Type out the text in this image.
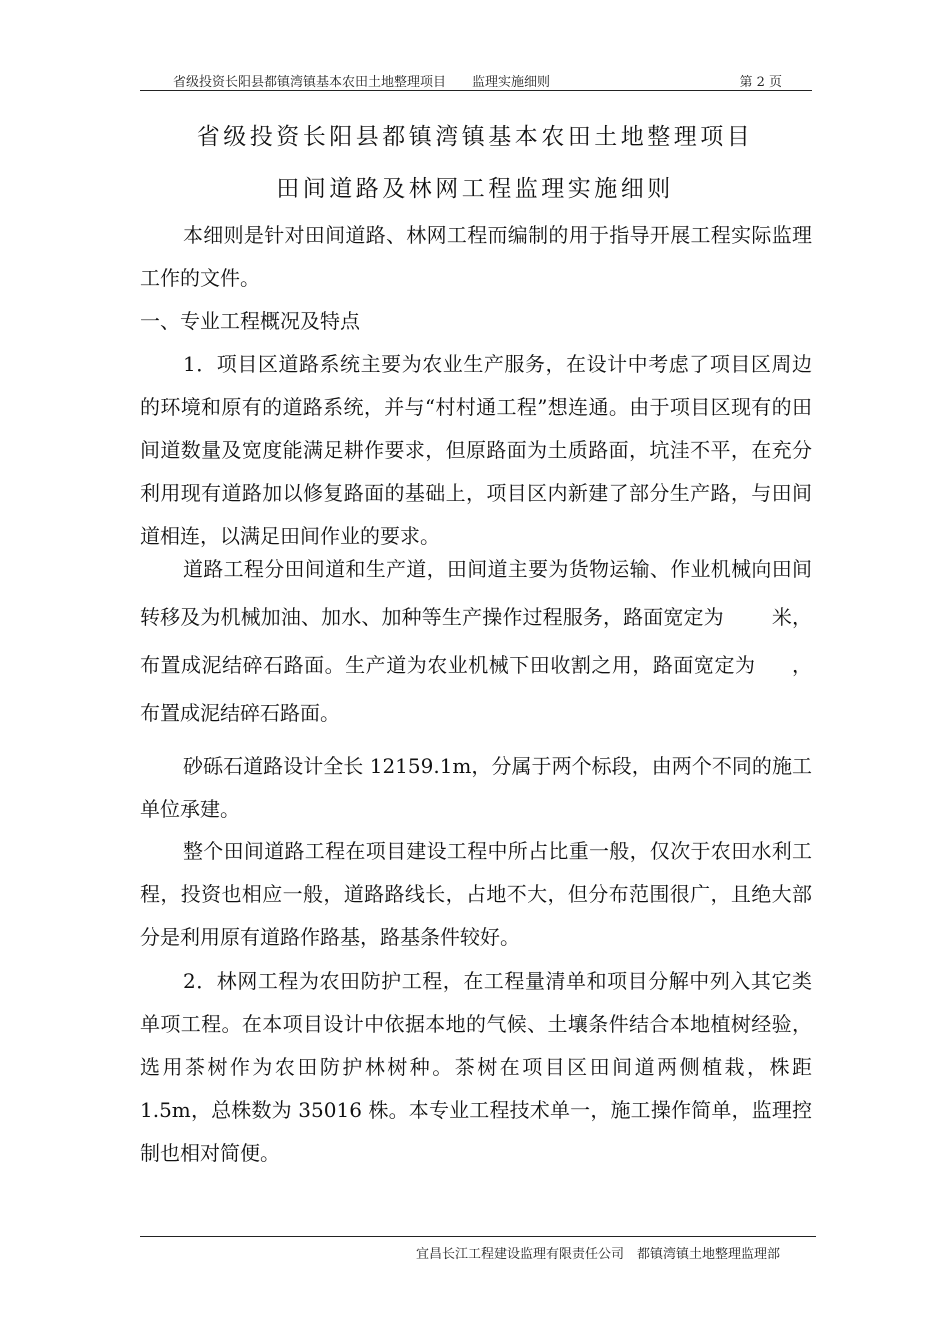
省级投资长阳县都镇湾镇基本农田土地整理项目　　监理实施细则	第 2 页
省级投资长阳县都镇湾镇基本农田土地整理项目
田间道路及林网工程监理实施细则

本细则是针对田间道路、林网工程而编制的用于指导开展工程实际监理工作的文件。

一、专业工程概况及特点

1．项目区道路系统主要为农业生产服务，在设计中考虑了项目区周边的环境和原有的道路系统，并与“村村通工程”想连通。由于项目区现有的田间道数量及宽度能满足耕作要求，但原路面为土质路面，坑洼不平，在充分利用现有道路加以修复路面的基础上，项目区内新建了部分生产路，与田间道相连，以满足田间作业的要求。

道路工程分田间道和生产道，田间道主要为货物运输、作业机械向田间转移及为机械加油、加水、加种等生产操作过程服务，路面宽定为 米，布置成泥结碎石路面。生产道为农业机械下田收割之用，路面宽定为 ，布置成泥结碎石路面。

砂砾石道路设计全长 12159.1m，分属于两个标段，由两个不同的施工单位承建。

整个田间道路工程在项目建设工程中所占比重一般，仅次于农田水利工程，投资也相应一般，道路路线长，占地不大，但分布范围很广，且绝大部分是利用原有道路作路基，路基条件较好。

2．林网工程为农田防护工程，在工程量清单和项目分解中列入其它类单项工程。在本项目设计中依据本地的气候、土壤条件结合本地植树经验，选用茶树作为农田防护林树种。茶树在项目区田间道两侧植栽，株距 1.5m，总株数为 35016 株。本专业工程技术单一，施工操作简单，监理控制也相对简便。

宜昌长江工程建设监理有限责任公司　都镇湾镇土地整理监理部
